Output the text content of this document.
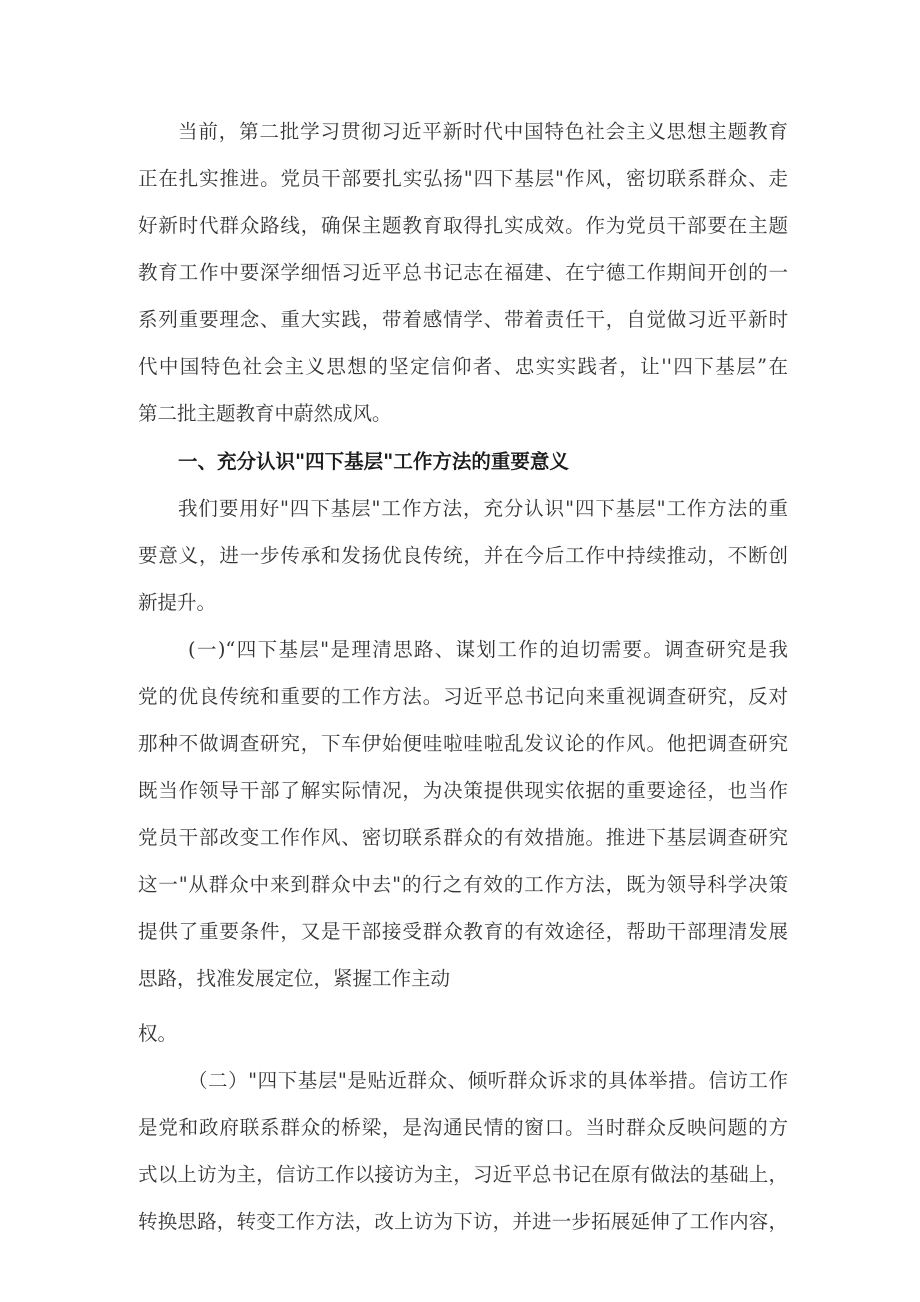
当前，第二批学习贯彻习近平新时代中国特色社会主义思想主题教育
正在扎实推进。党员干部要扎实弘扬"四下基层"作风，密切联系群众、走
好新时代群众路线，确保主题教育取得扎实成效。作为党员干部要在主题
教育工作中要深学细悟习近平总书记志在福建、在宁德工作期间开创的一
系列重要理念、重大实践，带着感情学、带着责任干，自觉做习近平新时
代中国特色社会主义思想的坚定信仰者、忠实实践者，让''四下基层”在
第二批主题教育中蔚然成风。
一、充分认识"四下基层"工作方法的重要意义
我们要用好"四下基层"工作方法，充分认识"四下基层"工作方法的重
要意义，进一步传承和发扬优良传统，并在今后工作中持续推动，不断创
新提升。
(一)“四下基层"是理清思路、谋划工作的迫切需要。调查研究是我
党的优良传统和重要的工作方法。习近平总书记向来重视调查研究，反对
那种不做调查研究，下车伊始便哇啦哇啦乱发议论的作风。他把调查研究
既当作领导干部了解实际情况，为决策提供现实依据的重要途径，也当作
党员干部改变工作作风、密切联系群众的有效措施。推进下基层调查研究
这一"从群众中来到群众中去"的行之有效的工作方法，既为领导科学决策
提供了重要条件，又是干部接受群众教育的有效途径，帮助干部理清发展
思路，找准发展定位，紧握工作主动
权。
（二）"四下基层"是贴近群众、倾听群众诉求的具体举措。信访工作
是党和政府联系群众的桥梁，是沟通民情的窗口。当时群众反映问题的方
式以上访为主，信访工作以接访为主，习近平总书记在原有做法的基础上，
转换思路，转变工作方法，改上访为下访，并进一步拓展延伸了工作内容，
